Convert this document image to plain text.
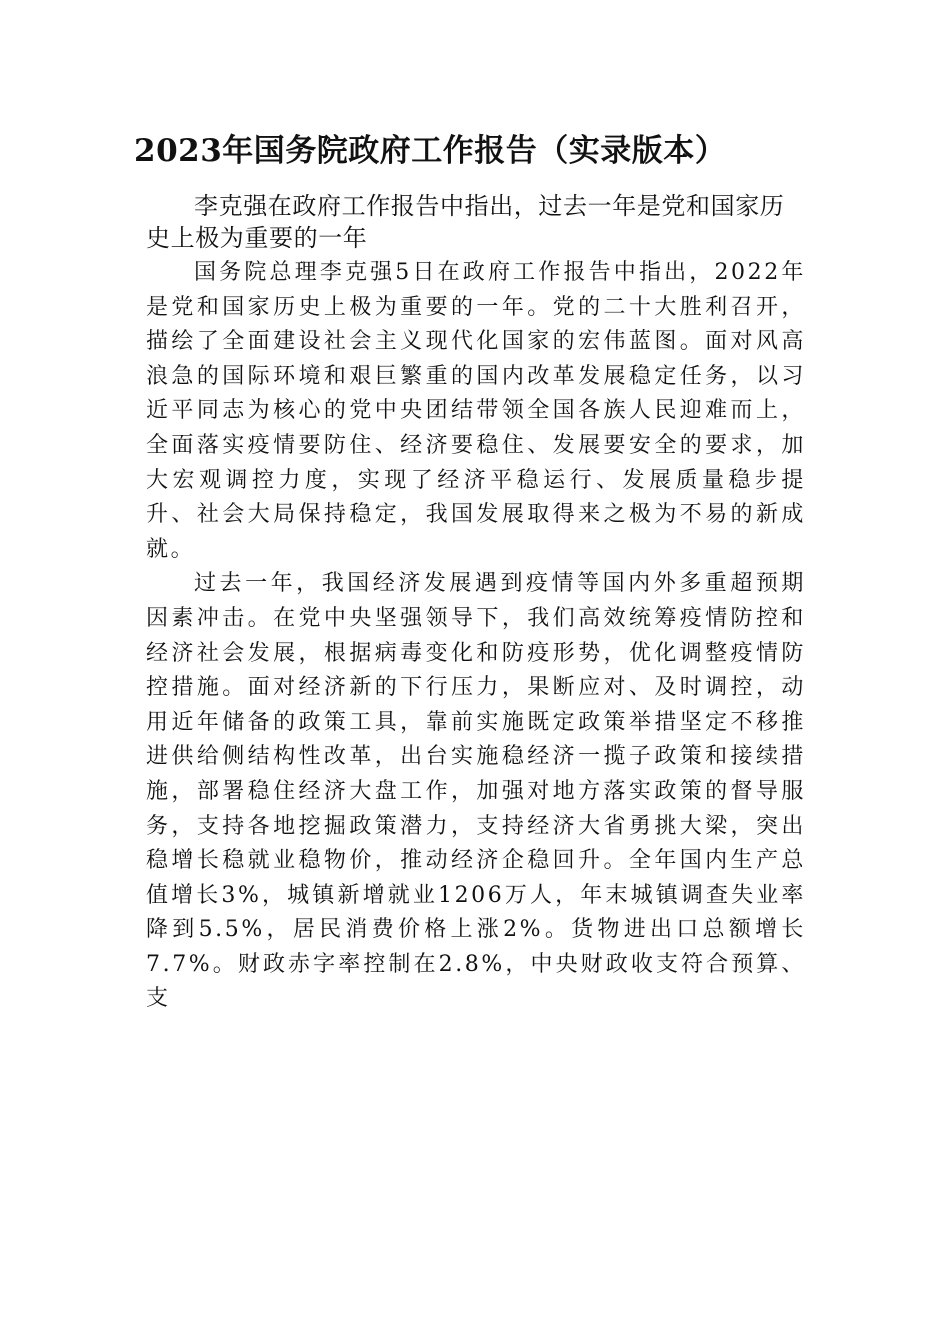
2023年国务院政府工作报告（实录版本）
李克强在政府工作报告中指出，过去一年是党和国家历史上极为重要的一年

国务院总理李克强5日在政府工作报告中指出，2022年是党和国家历史上极为重要的一年。党的二十大胜利召开，描绘了全面建设社会主义现代化国家的宏伟蓝图。面对风高浪急的国际环境和艰巨繁重的国内改革发展稳定任务，以习近平同志为核心的党中央团结带领全国各族人民迎难而上，全面落实疫情要防住、经济要稳住、发展要安全的要求，加大宏观调控力度，实现了经济平稳运行、发展质量稳步提升、社会大局保持稳定，我国发展取得来之极为不易的新成就。

过去一年，我国经济发展遇到疫情等国内外多重超预期因素冲击。在党中央坚强领导下，我们高效统筹疫情防控和经济社会发展，根据病毒变化和防疫形势，优化调整疫情防控措施。面对经济新的下行压力，果断应对、及时调控，动用近年储备的政策工具，靠前实施既定政策举措坚定不移推进供给侧结构性改革，出台实施稳经济一揽子政策和接续措施，部署稳住经济大盘工作，加强对地方落实政策的督导服务，支持各地挖掘政策潜力，支持经济大省勇挑大梁，突出稳增长稳就业稳物价，推动经济企稳回升。全年国内生产总值增长3%，城镇新增就业1206万人，年末城镇调查失业率降到5.5%，居民消费价格上涨2%。货物进出口总额增长7.7%。财政赤字率控制在2.8%，中央财政收支符合预算、支
